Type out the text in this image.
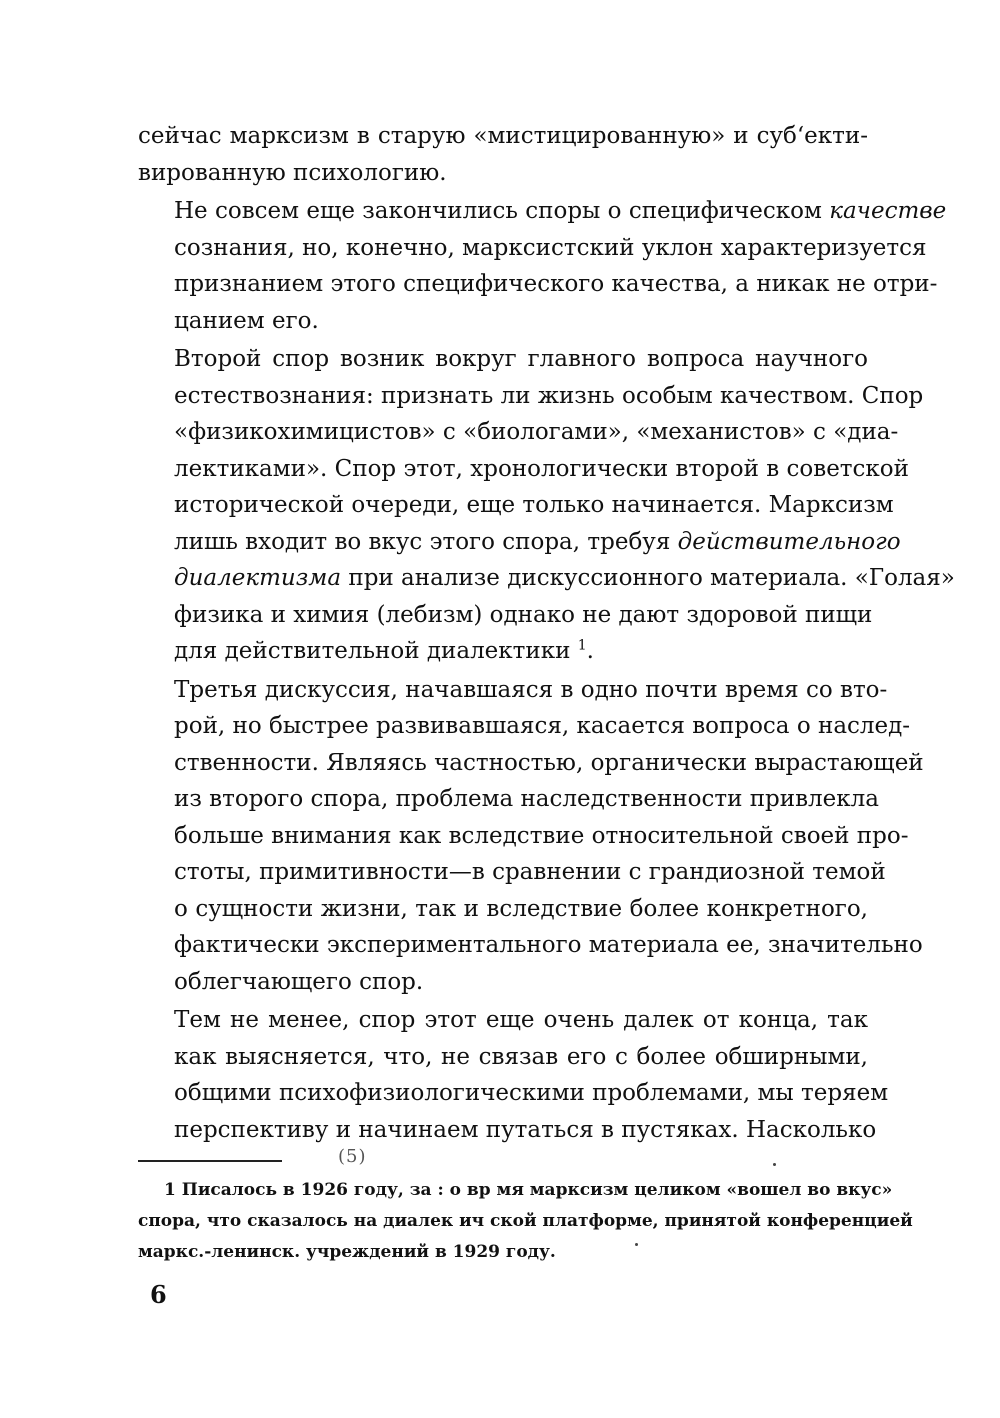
сейчас марксизм в старую «мистицированную» и суб‘екти-
вированную психологию.

Не совсем еще закончились споры о специфическом качестве
сознания, но, конечно, марксистский уклон характеризуется
признанием этого специфического качества, а никак не отри-
цанием его.

Второй спор возник вокруг главного вопроса научного
естествознания: признать ли жизнь особым качеством. Спор
«физикохимицистов» с «биологами», «механистов» с «диа-
лектиками». Спор этот, хронологически второй в советской
исторической очереди, еще только начинается. Марксизм
лишь входит во вкус этого спора, требуя действительного
диалектизма при анализе дискуссионного материала. «Голая»
физика и химия (лебизм) однако не дают здоровой пищи
для действительной диалектики $^1$.

Третья дискуссия, начавшаяся в одно почти время со вто-
рой, но быстрее развивавшаяся, касается вопроса о наслед-
ственности. Являясь частностью, органически вырастающей
из второго спора, проблема наследственности привлекла
больше внимания как вследствие относительной своей про-
стоты, примитивности—в сравнении с грандиозной темой
о сущности жизни, так и вследствие более конкретного,
фактически экспериментального материала ее, значительно
облегчающего спор.

Тем не менее, спор этот еще очень далек от конца, так
как выясняется, что, не связав его с более обширными,
общими психофизиологическими проблемами, мы теряем
перспективу и начинаем путаться в пустяках. Насколько

(5)
1 Писалось в 1926 году, за : о вр мя марксизм целиком «вошел во вкус»
спора, что сказалось на диалек ич ской платформе, принятой конференцией
маркс.-ленинск. учреждений в 1929 году.
6
